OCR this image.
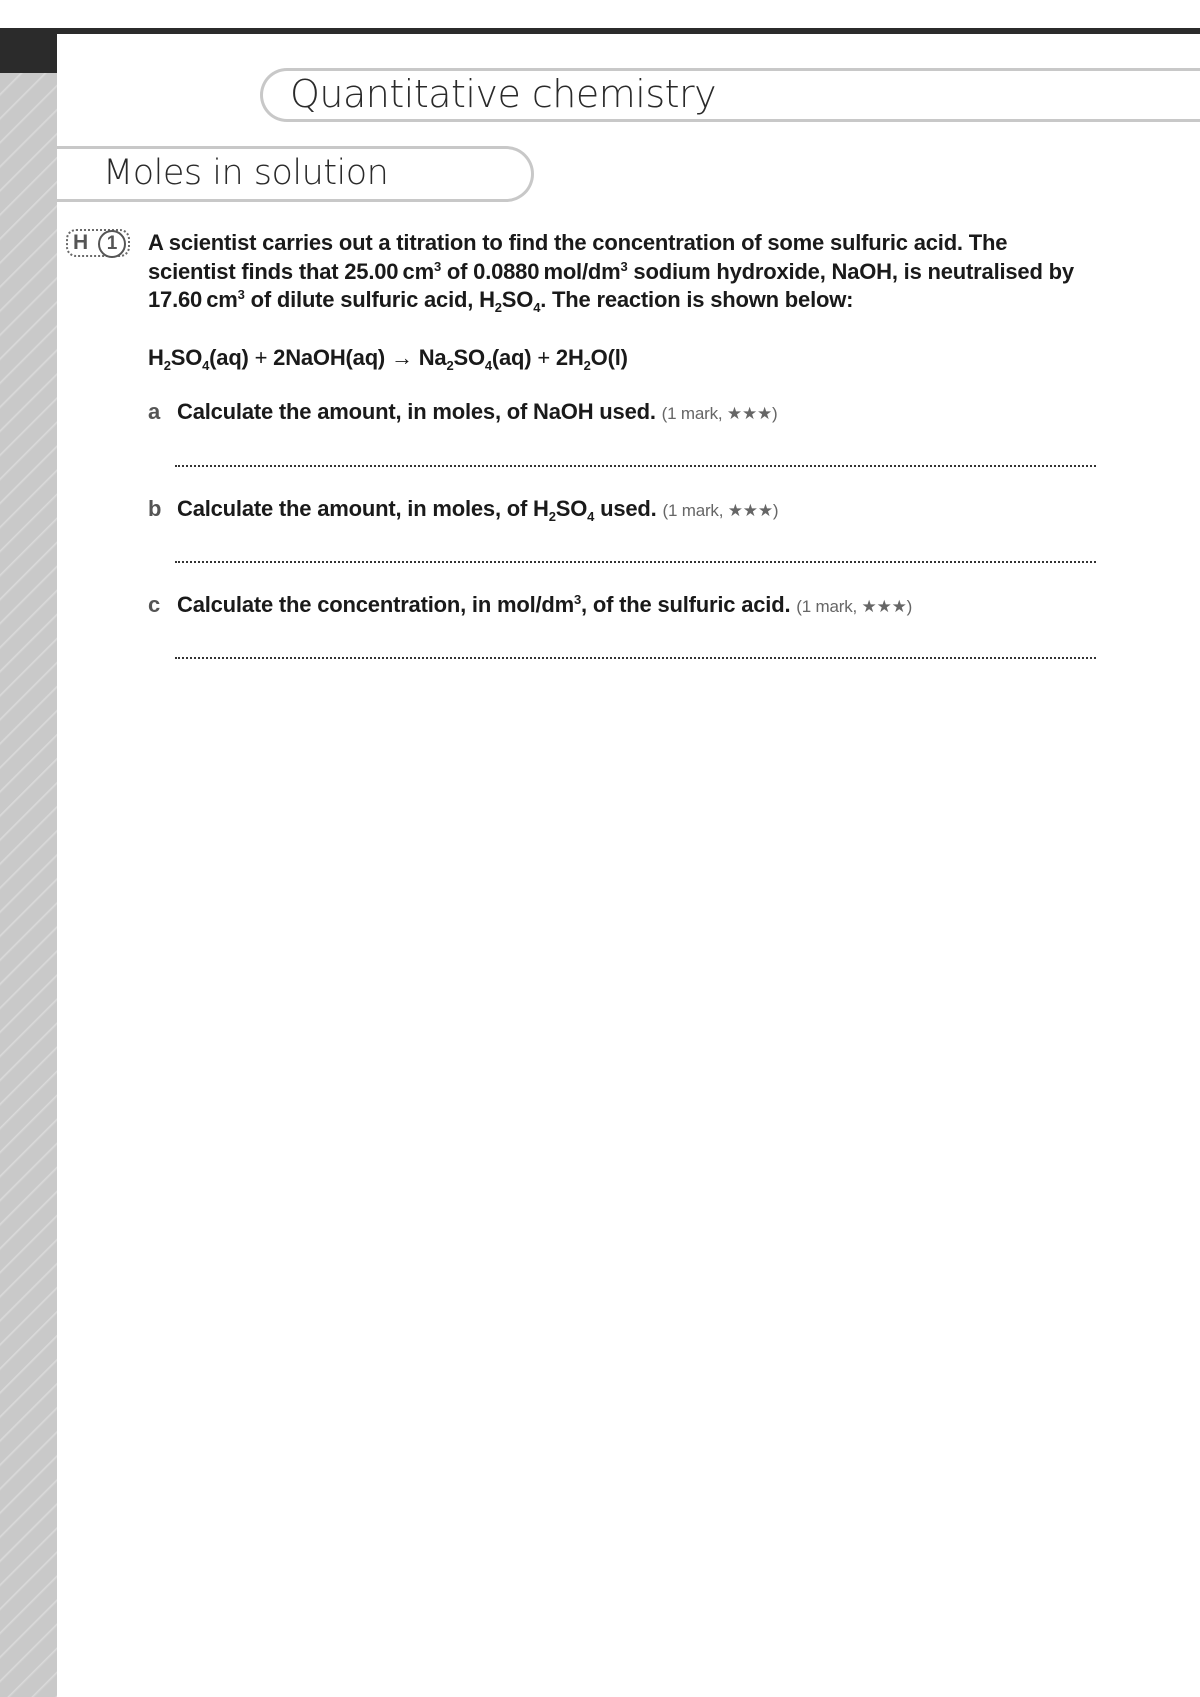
Quantitative chemistry
Moles in solution
H 1	A scientist carries out a titration to find the concentration of some sulfuric acid. The
scientist finds that 25.00 $cm^3$ of 0.0880 mol/$dm^3$ sodium hydroxide, NaOH, is neutralised by
17.60 $cm^3$ of dilute sulfuric acid, $H_2SO_4$. The reaction is shown below:
$H_2SO_4(aq)$ + 2NaOH(aq) → $Na_2SO_4(aq) + 2H_2O(l)$
a Calculate the amount, in moles, of NaOH used. (1 mark, ★★★)
b Calculate the amount, in moles, of $H_2SO_4$ used. (1 mark, ★★★)
c Calculate the concentration, in mol/$dm^3$, of the sulfuric acid. (1 mark, ★★★)
